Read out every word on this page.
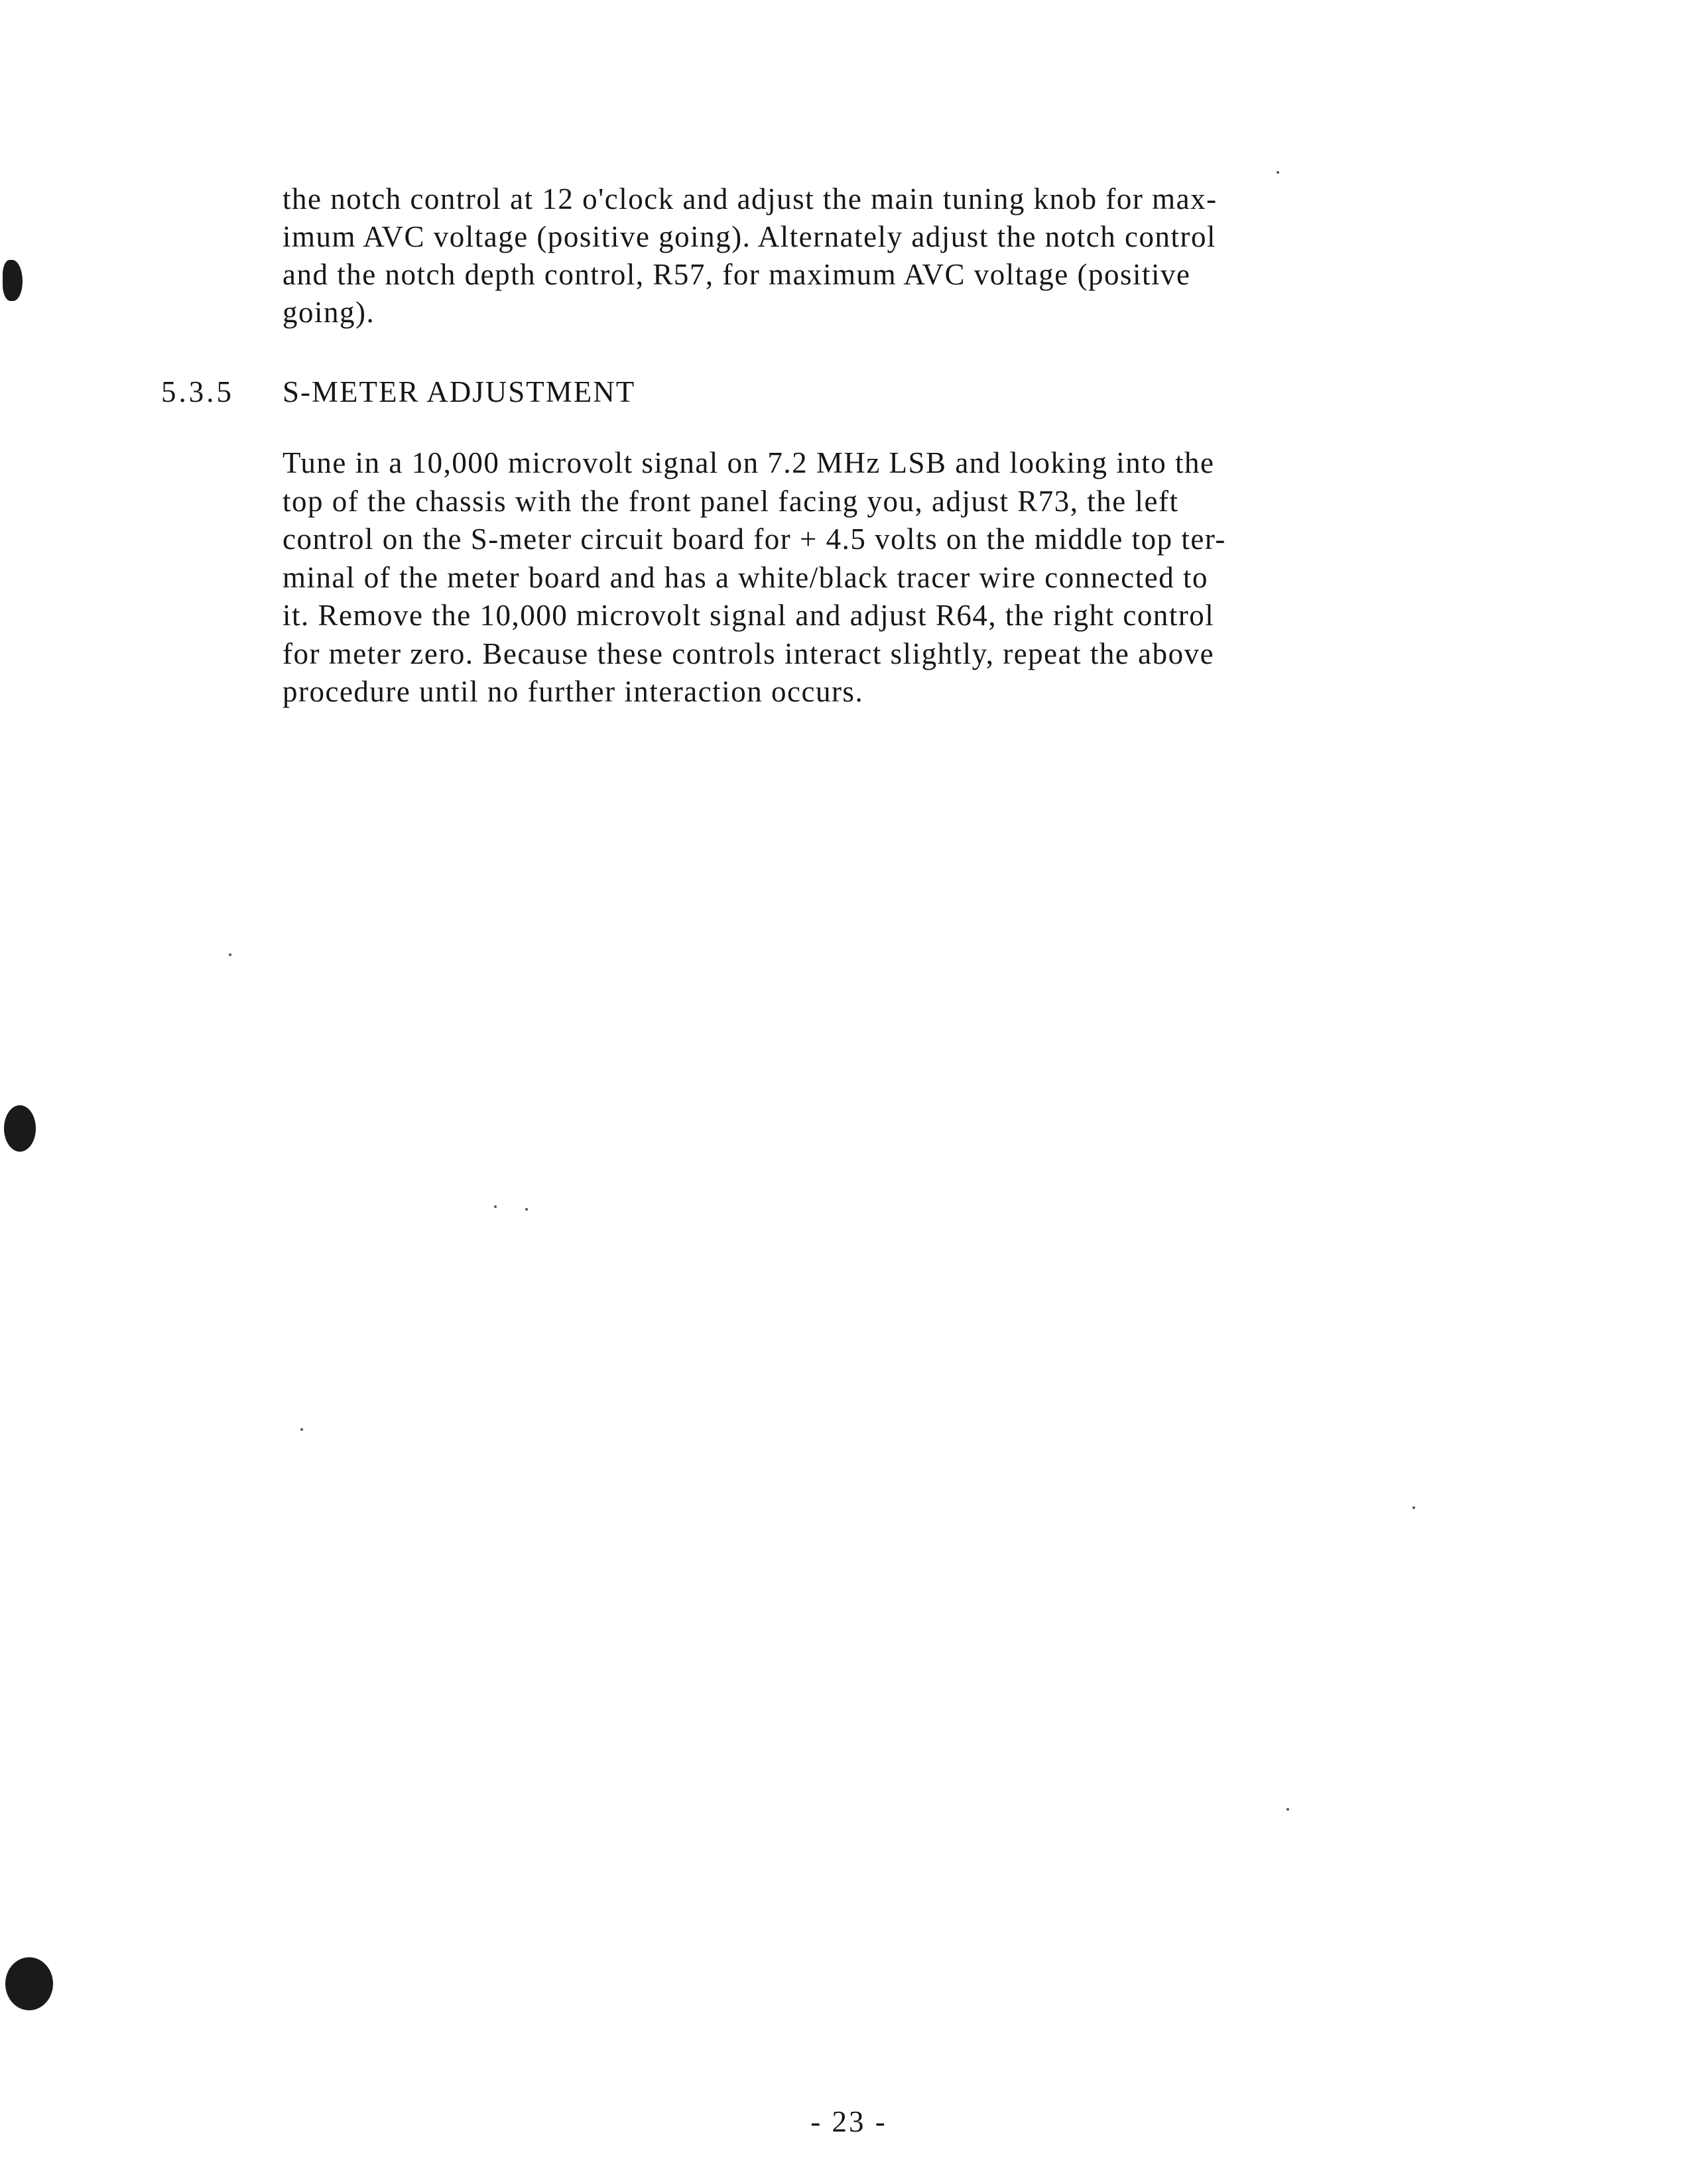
the notch control at 12 o'clock and adjust the main tuning knob for max-
imum AVC voltage (positive going). Alternately adjust the notch control
and the notch depth control, R57, for maximum AVC voltage (positive
going).

5.3.5 S-METER ADJUSTMENT

Tune in a 10,000 microvolt signal on 7.2 MHz LSB and looking into the
top of the chassis with the front panel facing you, adjust R73, the left
control on the S-meter circuit board for + 4.5 volts on the middle top ter-
minal of the meter board and has a white/black tracer wire connected to
it. Remove the 10,000 microvolt signal and adjust R64, the right control
for meter zero. Because these controls interact slightly, repeat the above
procedure until no further interaction occurs.

- 23 -
